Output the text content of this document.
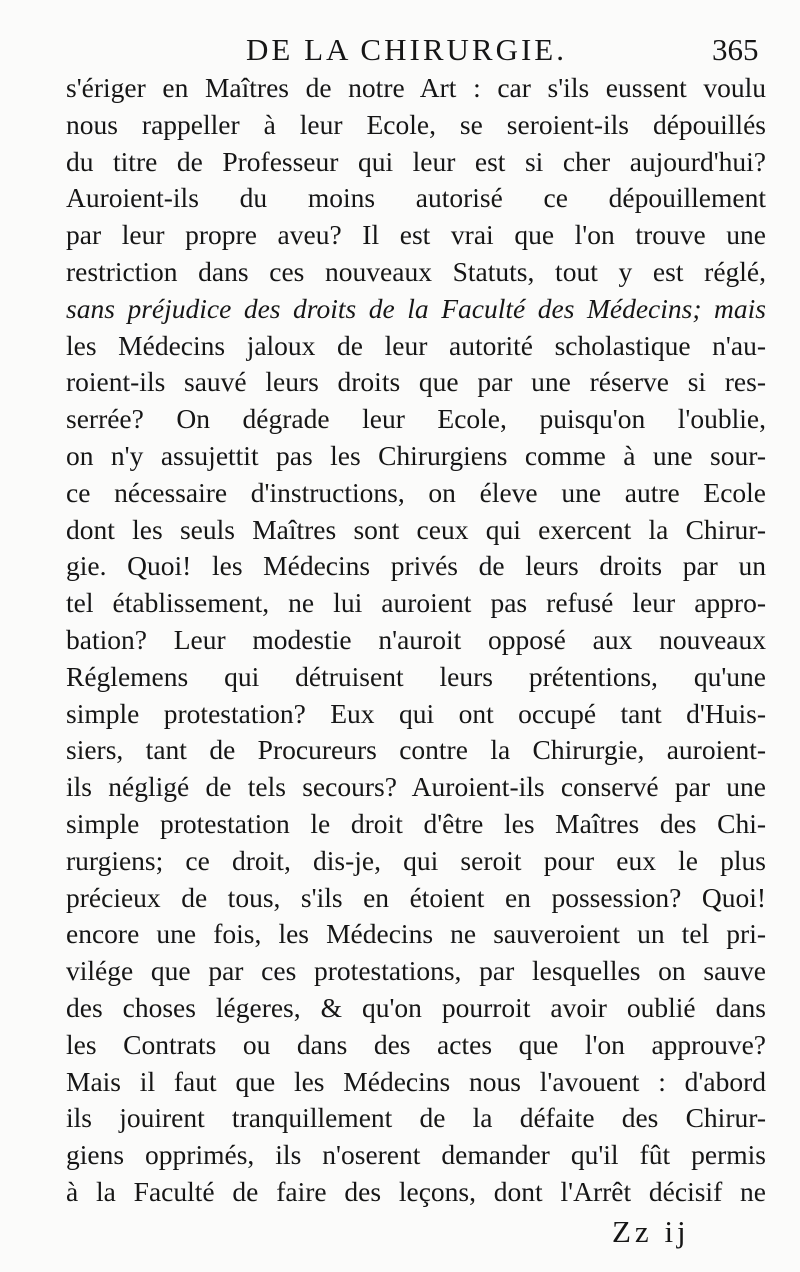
DE LA CHIRURGIE.	365
s'ériger en Maîtres de notre Art : car s'ils eussent voulu
nous rappeller à leur Ecole, se seroient-ils dépouillés
du titre de Professeur qui leur est si cher aujourd'hui?
Auroient-ils du moins autorisé ce dépouillement
par leur propre aveu? Il est vrai que l'on trouve une
restriction dans ces nouveaux Statuts, tout y est réglé,
sans préjudice des droits de la Faculté des Médecins; mais
les Médecins jaloux de leur autorité scholastique n'au-
roient-ils sauvé leurs droits que par une réserve si res-
serrée? On dégrade leur Ecole, puisqu'on l'oublie,
on n'y assujettit pas les Chirurgiens comme à une sour-
ce nécessaire d'instructions, on éleve une autre Ecole
dont les seuls Maîtres sont ceux qui exercent la Chirur-
gie. Quoi! les Médecins privés de leurs droits par un
tel établissement, ne lui auroient pas refusé leur appro-
bation? Leur modestie n'auroit opposé aux nouveaux
Réglemens qui détruisent leurs prétentions, qu'une
simple protestation? Eux qui ont occupé tant d'Huis-
siers, tant de Procureurs contre la Chirurgie, auroient-
ils négligé de tels secours? Auroient-ils conservé par une
simple protestation le droit d'être les Maîtres des Chi-
rurgiens; ce droit, dis-je, qui seroit pour eux le plus
précieux de tous, s'ils en étoient en possession? Quoi!
encore une fois, les Médecins ne sauveroient un tel pri-
vilége que par ces protestations, par lesquelles on sauve
des choses légeres, & qu'on pourroit avoir oublié dans
les Contrats ou dans des actes que l'on approuve?
Mais il faut que les Médecins nous l'avouent : d'abord
ils jouirent tranquillement de la défaite des Chirur-
giens opprimés, ils n'oserent demander qu'il fût permis
à la Faculté de faire des leçons, dont l'Arrêt décisif ne
Zz ij
